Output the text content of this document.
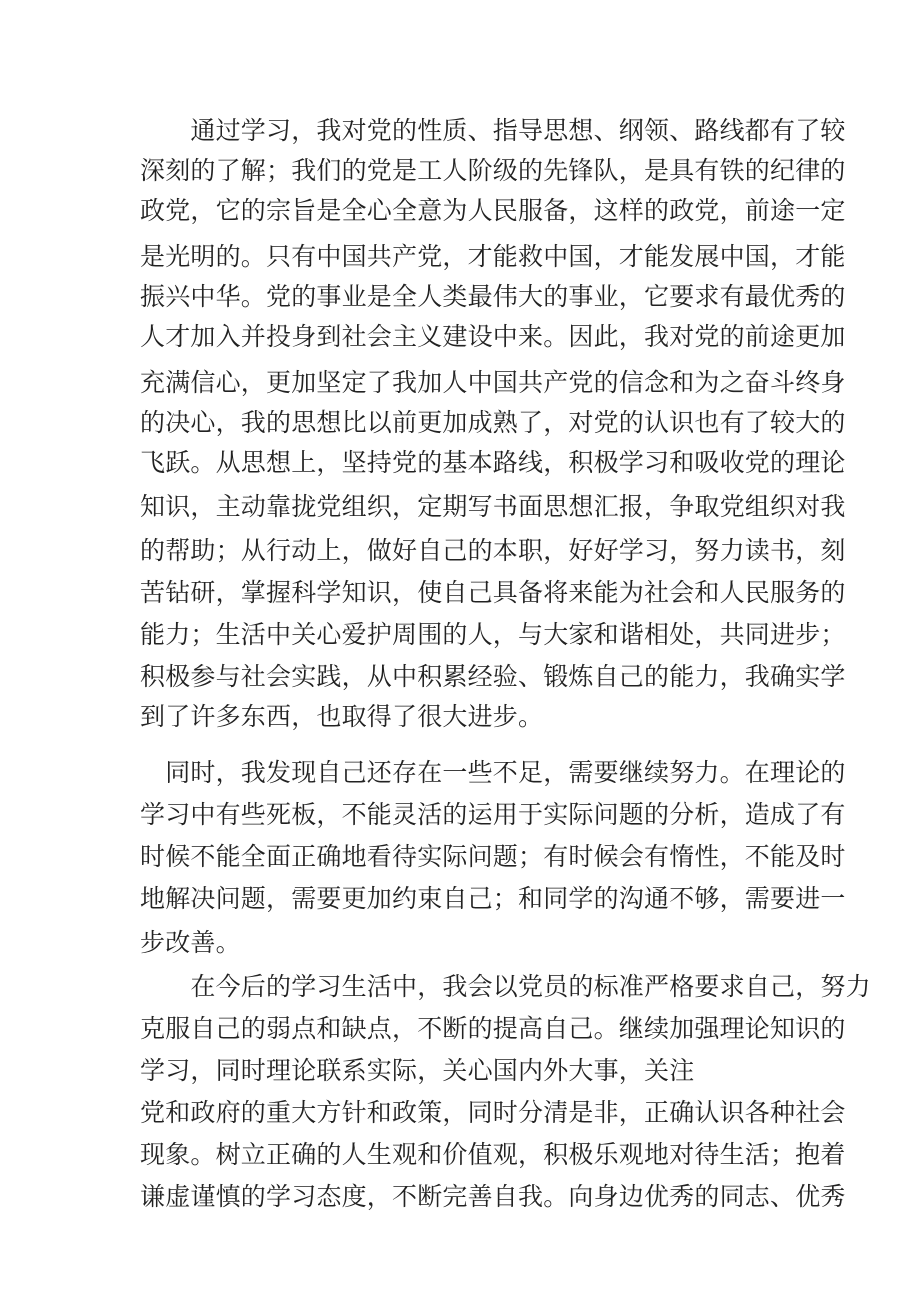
　　通过学习，我对党的性质、指导思想、纲领、路线都有了较
深刻的了解；我们的党是工人阶级的先锋队，是具有铁的纪律的
政党，它的宗旨是全心全意为人民服备，这样的政党，前途一定
是光明的。只有中国共产党，才能救中国，才能发展中国，才能
振兴中华。党的事业是全人类最伟大的事业，它要求有最优秀的
人才加入并投身到社会主义建设中来。因此，我对党的前途更加
充满信心，更加坚定了我加人中国共产党的信念和为之奋斗终身
的决心，我的思想比以前更加成熟了，对党的认识也有了较大的
飞跃。从思想上，坚持党的基本路线，积极学习和吸收党的理论
知识，主动靠拢党组织，定期写书面思想汇报，争取党组织对我
的帮助；从行动上，做好自己的本职，好好学习，努力读书，刻
苦钻研，掌握科学知识，使自己具备将来能为社会和人民服务的
能力；生活中关心爱护周围的人，与大家和谐相处，共同进步；
积极参与社会实践，从中积累经验、锻炼自己的能力，我确实学
到了许多东西，也取得了很大进步。
　同时，我发现自己还存在一些不足，需要继续努力。在理论的
学习中有些死板，不能灵活的运用于实际问题的分析，造成了有
时候不能全面正确地看待实际问题；有时候会有惰性，不能及时
地解决问题，需要更加约束自己；和同学的沟通不够，需要进一
步改善。
　　在今后的学习生活中，我会以党员的标准严格要求自己，努力
克服自己的弱点和缺点，不断的提高自己。继续加强理论知识的
学习，同时理论联系实际，关心国内外大事，关注
党和政府的重大方针和政策，同时分清是非，正确认识各种社会
现象。树立正确的人生观和价值观，积极乐观地对待生活；抱着
谦虚谨慎的学习态度，不断完善自我。向身边优秀的同志、优秀
